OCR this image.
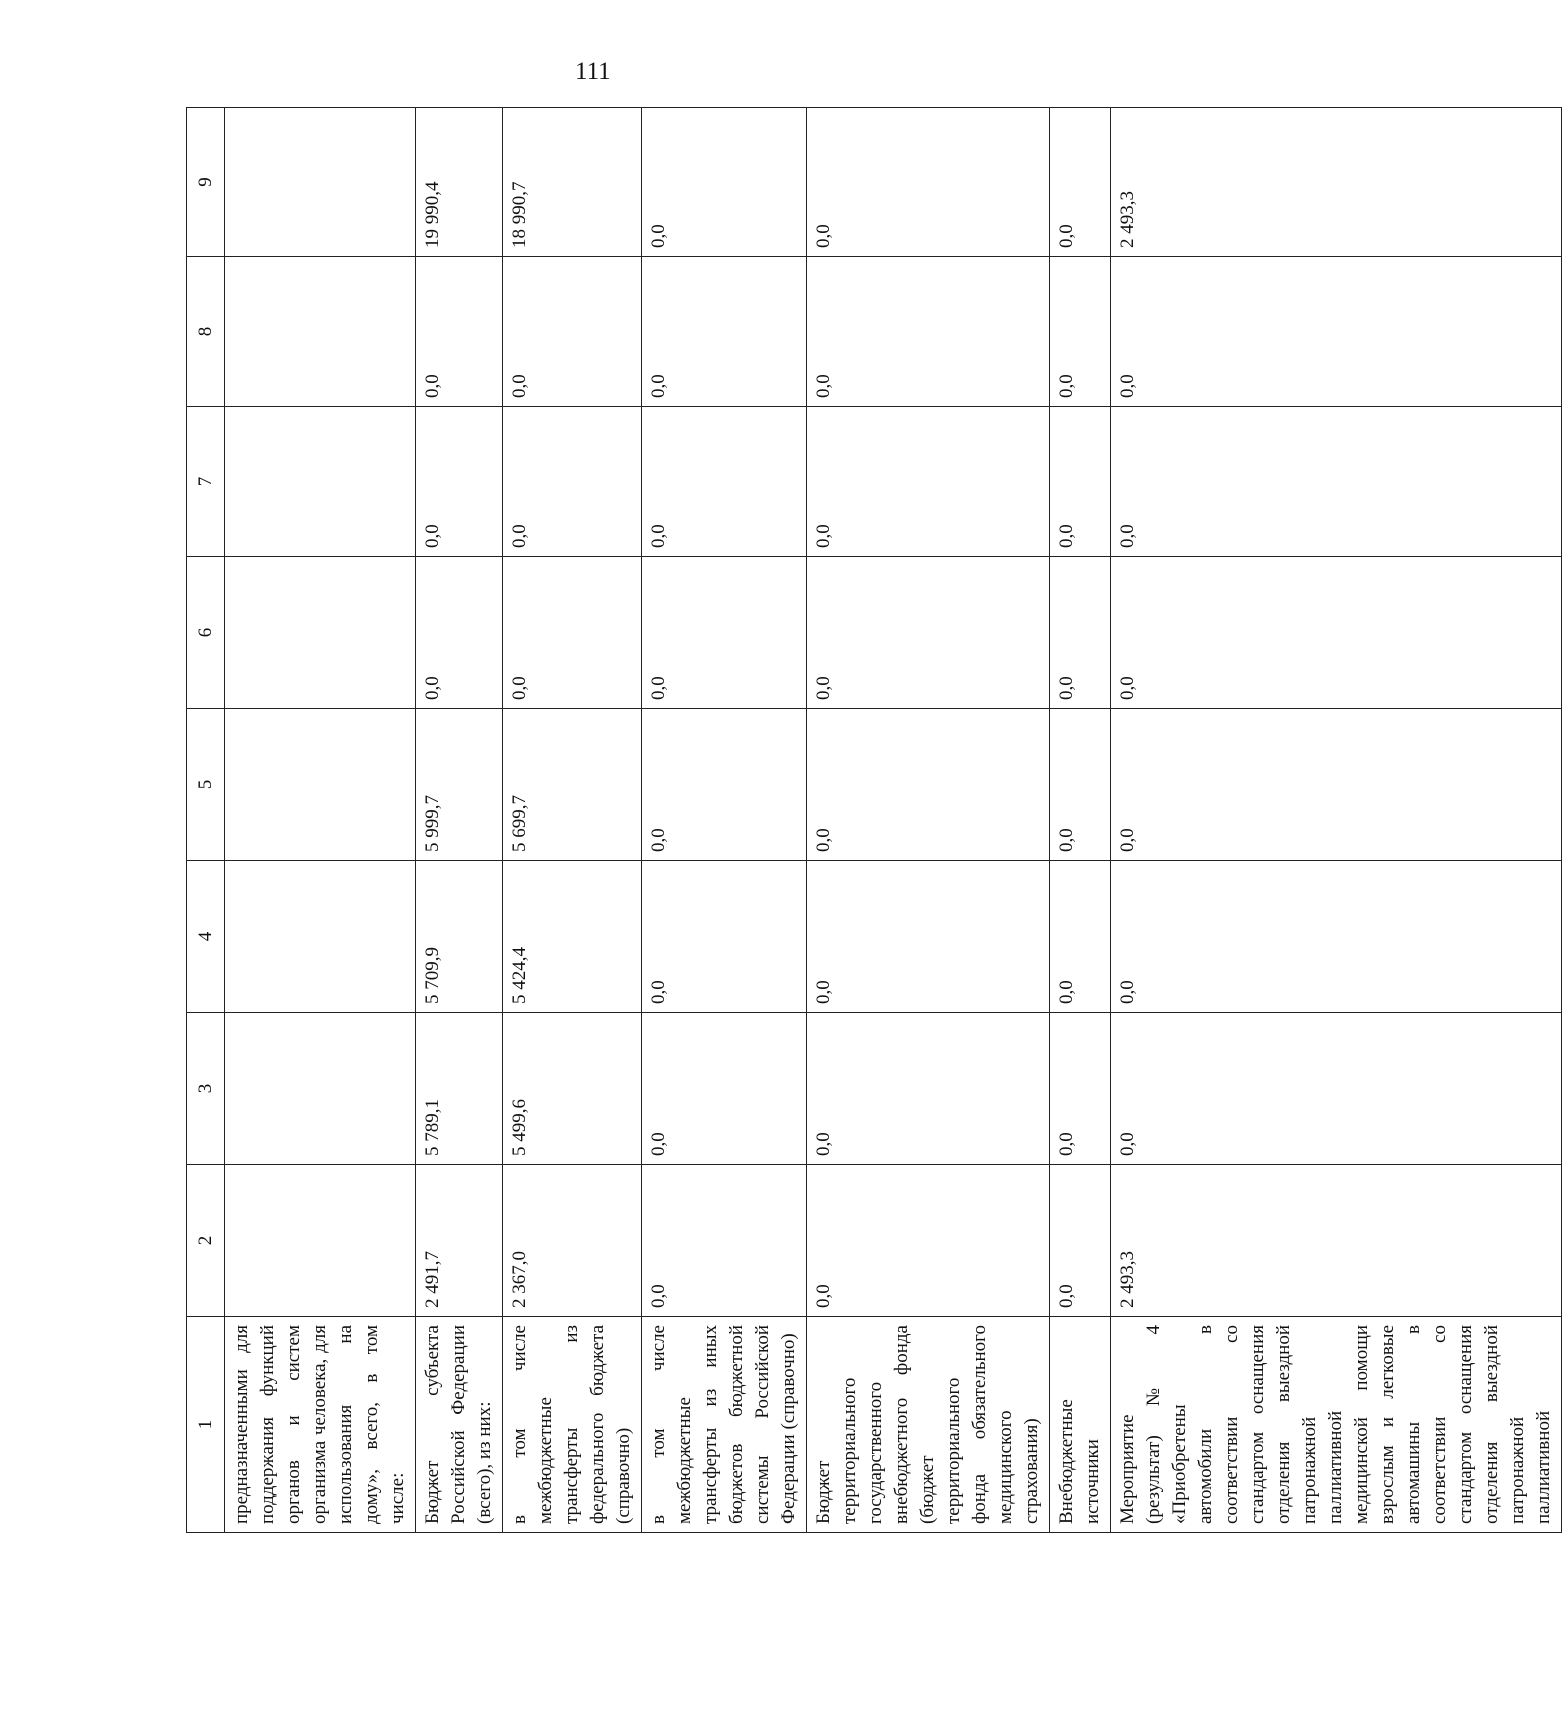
111
1	2	3	4	5	6	7	8	9
предназначенными для поддержания функций органов и систем организма человека, для использования на дому», всего, в том числе:								
Бюджет субъекта Российской Федерации (всего), из них:	2 491,7	5 789,1	5 709,9	5 999,7	0,0	0,0	0,0	19 990,4
в том числе межбюджетные трансферты из федерального бюджета (справочно)	2 367,0	5 499,6	5 424,4	5 699,7	0,0	0,0	0,0	18 990,7
в том числе межбюджетные трансферты из иных бюджетов бюджетной системы Российской Федерации (справочно)	0,0	0,0	0,0	0,0	0,0	0,0	0,0	0,0
Бюджет территориального государственного внебюджетного фонда (бюджет территориального фонда обязательного медицинского страхования)	0,0	0,0	0,0	0,0	0,0	0,0	0,0	0,0
Внебюджетные источники	0,0	0,0	0,0	0,0	0,0	0,0	0,0	0,0
Мероприятие (результат) № 4 «Приобретены автомобили в соответствии со стандартом оснащения отделения выездной патронажной паллиативной медицинской помощи взрослым и легковые автомашины в соответствии со стандартом оснащения отделения выездной патронажной паллиативной	2 493,3	0,0	0,0	0,0	0,0	0,0	0,0	2 493,3
